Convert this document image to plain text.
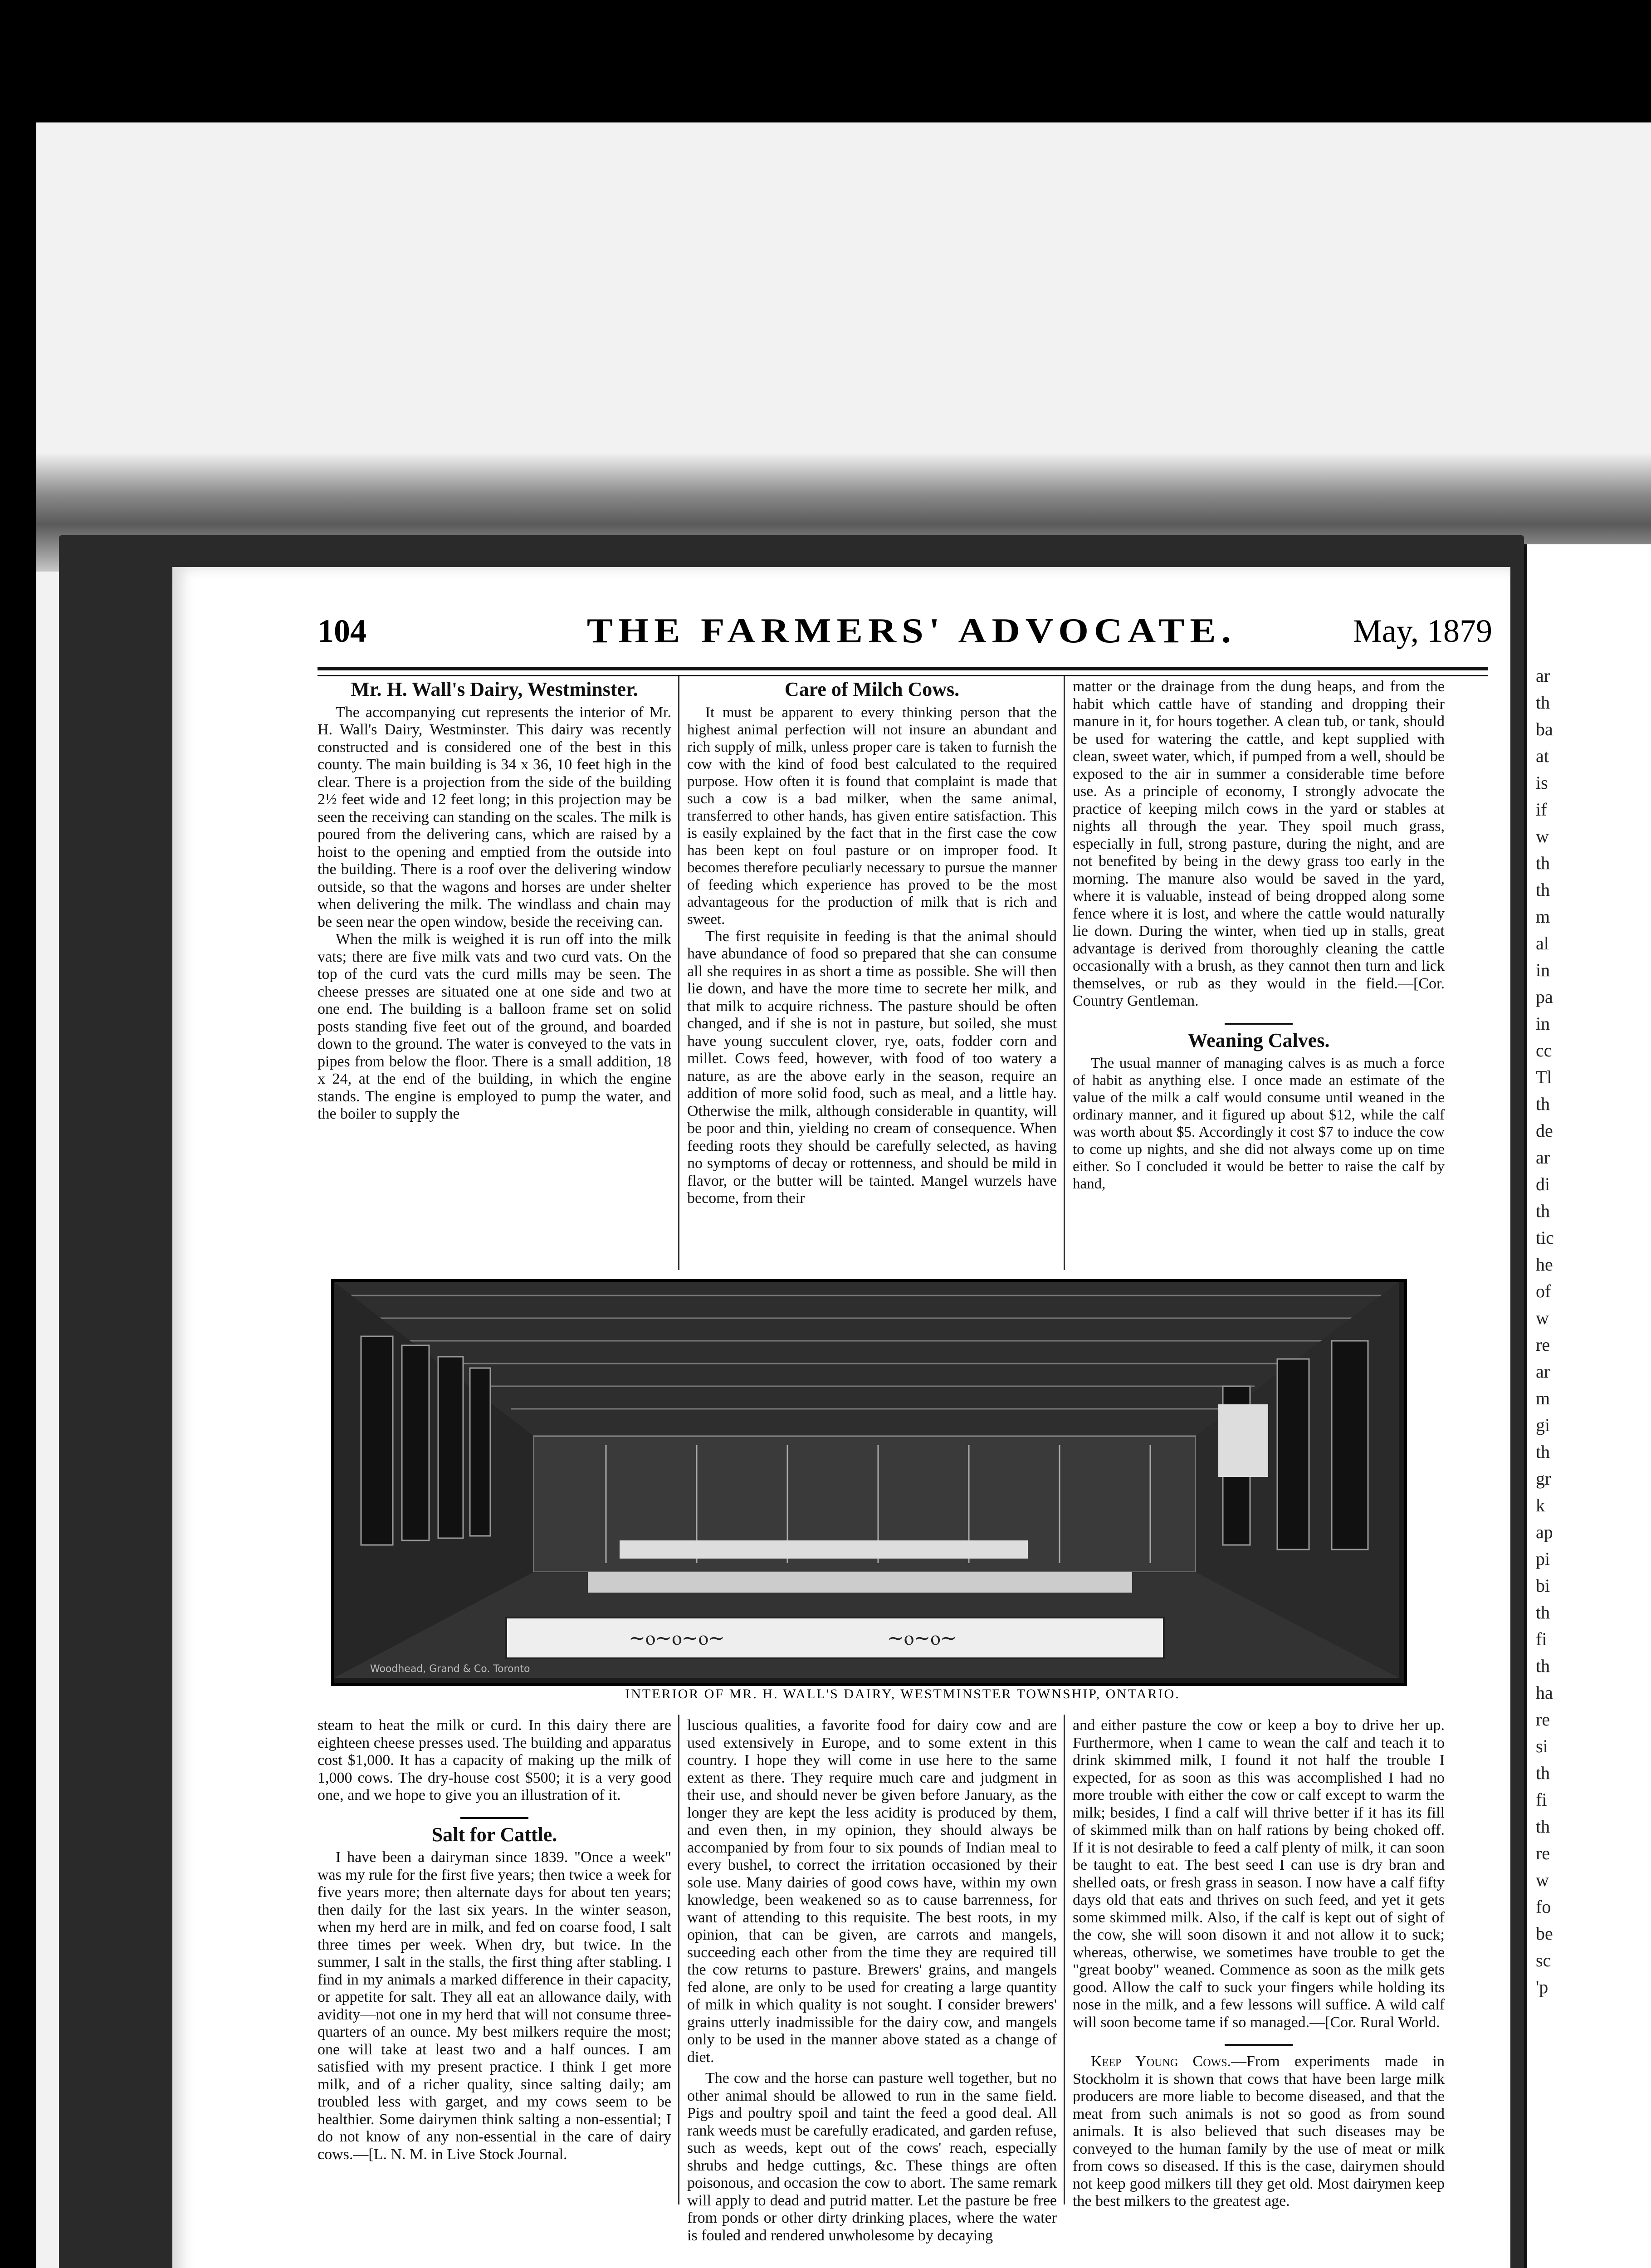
ar
th
ba
at
is
if
w
th
th
m
al
in
pa
in
cc
Tl
th
de
ar
di
th
tic
he
of
w
re
ar
m
gi
th
gr
k
ap
pi
bi
th
fi
th
ha
re
si
th
fi
th
re
w
fo
be
sc
'p
104	THE FARMERS' ADVOCATE.	May, 1879
Mr. H. Wall's Dairy, Westminster.

The accompanying cut represents the interior of Mr. H. Wall's Dairy, Westminster. This dairy was recently constructed and is considered one of the best in this county. The main building is 34 x 36, 10 feet high in the clear. There is a projection from the side of the building 2½ feet wide and 12 feet long; in this projection may be seen the receiving can standing on the scales. The milk is poured from the delivering cans, which are raised by a hoist to the opening and emptied from the outside into the building. There is a roof over the delivering window outside, so that the wagons and horses are under shelter when delivering the milk. The windlass and chain may be seen near the open window, beside the receiving can.

When the milk is weighed it is run off into the milk vats; there are five milk vats and two curd vats. On the top of the curd vats the curd mills may be seen. The cheese presses are situated one at one side and two at one end. The building is a balloon frame set on solid posts standing five feet out of the ground, and boarded down to the ground. The water is conveyed to the vats in pipes from below the floor. There is a small addition, 18 x 24, at the end of the building, in which the engine stands. The engine is employed to pump the water, and the boiler to supply the

Care of Milch Cows.

It must be apparent to every thinking person that the highest animal perfection will not insure an abundant and rich supply of milk, unless proper care is taken to furnish the cow with the kind of food best calculated to the required purpose. How often it is found that complaint is made that such a cow is a bad milker, when the same animal, transferred to other hands, has given entire satisfaction. This is easily explained by the fact that in the first case the cow has been kept on foul pasture or on improper food. It becomes therefore peculiarly necessary to pursue the manner of feeding which experience has proved to be the most advantageous for the production of milk that is rich and sweet.

The first requisite in feeding is that the animal should have abundance of food so prepared that she can consume all she requires in as short a time as possible. She will then lie down, and have the more time to secrete her milk, and that milk to acquire richness. The pasture should be often changed, and if she is not in pasture, but soiled, she must have young succulent clover, rye, oats, fodder corn and millet. Cows feed, however, with food of too watery a nature, as are the above early in the season, require an addition of more solid food, such as meal, and a little hay. Otherwise the milk, although considerable in quantity, will be poor and thin, yielding no cream of consequence. When feeding roots they should be carefully selected, as having no symptoms of decay or rottenness, and should be mild in flavor, or the butter will be tainted. Mangel wurzels have become, from their

matter or the drainage from the dung heaps, and from the habit which cattle have of standing and dropping their manure in it, for hours together. A clean tub, or tank, should be used for watering the cattle, and kept supplied with clean, sweet water, which, if pumped from a well, should be exposed to the air in summer a considerable time before use. As a principle of economy, I strongly advocate the practice of keeping milch cows in the yard or stables at nights all through the year. They spoil much grass, especially in full, strong pasture, during the night, and are not benefited by being in the dewy grass too early in the morning. The manure also would be saved in the yard, where it is valuable, instead of being dropped along some fence where it is lost, and where the cattle would naturally lie down. During the winter, when tied up in stalls, great advantage is derived from thoroughly cleaning the cattle occasionally with a brush, as they cannot then turn and lick themselves, or rub as they would in the field.—[Cor. Country Gentleman.

Weaning Calves.

The usual manner of managing calves is as much a force of habit as anything else. I once made an estimate of the value of the milk a calf would consume until weaned in the ordinary manner, and it figured up about $12, while the calf was worth about $5. Accordingly it cost $7 to induce the cow to come up nights, and she did not always come up on time either. So I concluded it would be better to raise the calf by hand,

~ⲟ~ⲟ~ⲟ~	~ⲟ~ⲟ~
Woodhead, Grand & Co. Toronto
INTERIOR OF MR. H. WALL'S DAIRY, WESTMINSTER TOWNSHIP, ONTARIO.

steam to heat the milk or curd. In this dairy there are eighteen cheese presses used. The building and apparatus cost $1,000. It has a capacity of making up the milk of 1,000 cows. The dry-house cost $500; it is a very good one, and we hope to give you an illustration of it.

Salt for Cattle.

I have been a dairyman since 1839. "Once a week" was my rule for the first five years; then twice a week for five years more; then alternate days for about ten years; then daily for the last six years. In the winter season, when my herd are in milk, and fed on coarse food, I salt three times per week. When dry, but twice. In the summer, I salt in the stalls, the first thing after stabling. I find in my animals a marked difference in their capacity, or appetite for salt. They all eat an allowance daily, with avidity—not one in my herd that will not consume three-quarters of an ounce. My best milkers require the most; one will take at least two and a half ounces. I am satisfied with my present practice. I think I get more milk, and of a richer quality, since salting daily; am troubled less with garget, and my cows seem to be healthier. Some dairymen think salting a non-essential; I do not know of any non-essential in the care of dairy cows.—[L. N. M. in Live Stock Journal.

luscious qualities, a favorite food for dairy cow and are used extensively in Europe, and to some extent in this country. I hope they will come in use here to the same extent as there. They require much care and judgment in their use, and should never be given before January, as the longer they are kept the less acidity is produced by them, and even then, in my opinion, they should always be accompanied by from four to six pounds of Indian meal to every bushel, to correct the irritation occasioned by their sole use. Many dairies of good cows have, within my own knowledge, been weakened so as to cause barrenness, for want of attending to this requisite. The best roots, in my opinion, that can be given, are carrots and mangels, succeeding each other from the time they are required till the cow returns to pasture. Brewers' grains, and mangels fed alone, are only to be used for creating a large quantity of milk in which quality is not sought. I consider brewers' grains utterly inadmissible for the dairy cow, and mangels only to be used in the manner above stated as a change of diet.

The cow and the horse can pasture well together, but no other animal should be allowed to run in the same field. Pigs and poultry spoil and taint the feed a good deal. All rank weeds must be carefully eradicated, and garden refuse, such as weeds, kept out of the cows' reach, especially shrubs and hedge cuttings, &c. These things are often poisonous, and occasion the cow to abort. The same remark will apply to dead and putrid matter. Let the pasture be free from ponds or other dirty drinking places, where the water is fouled and rendered unwholesome by decaying

and either pasture the cow or keep a boy to drive her up. Furthermore, when I came to wean the calf and teach it to drink skimmed milk, I found it not half the trouble I expected, for as soon as this was accomplished I had no more trouble with either the cow or calf except to warm the milk; besides, I find a calf will thrive better if it has its fill of skimmed milk than on half rations by being choked off. If it is not desirable to feed a calf plenty of milk, it can soon be taught to eat. The best seed I can use is dry bran and shelled oats, or fresh grass in season. I now have a calf fifty days old that eats and thrives on such feed, and yet it gets some skimmed milk. Also, if the calf is kept out of sight of the cow, she will soon disown it and not allow it to suck; whereas, otherwise, we sometimes have trouble to get the "great booby" weaned. Commence as soon as the milk gets good. Allow the calf to suck your fingers while holding its nose in the milk, and a few lessons will suffice. A wild calf will soon become tame if so managed.—[Cor. Rural World.

Keep Young Cows.—From experiments made in Stockholm it is shown that cows that have been large milk producers are more liable to become diseased, and that the meat from such animals is not so good as from sound animals. It is also believed that such diseases may be conveyed to the human family by the use of meat or milk from cows so diseased. If this is the case, dairymen should not keep good milkers till they get old. Most dairymen keep the best milkers to the greatest age.
